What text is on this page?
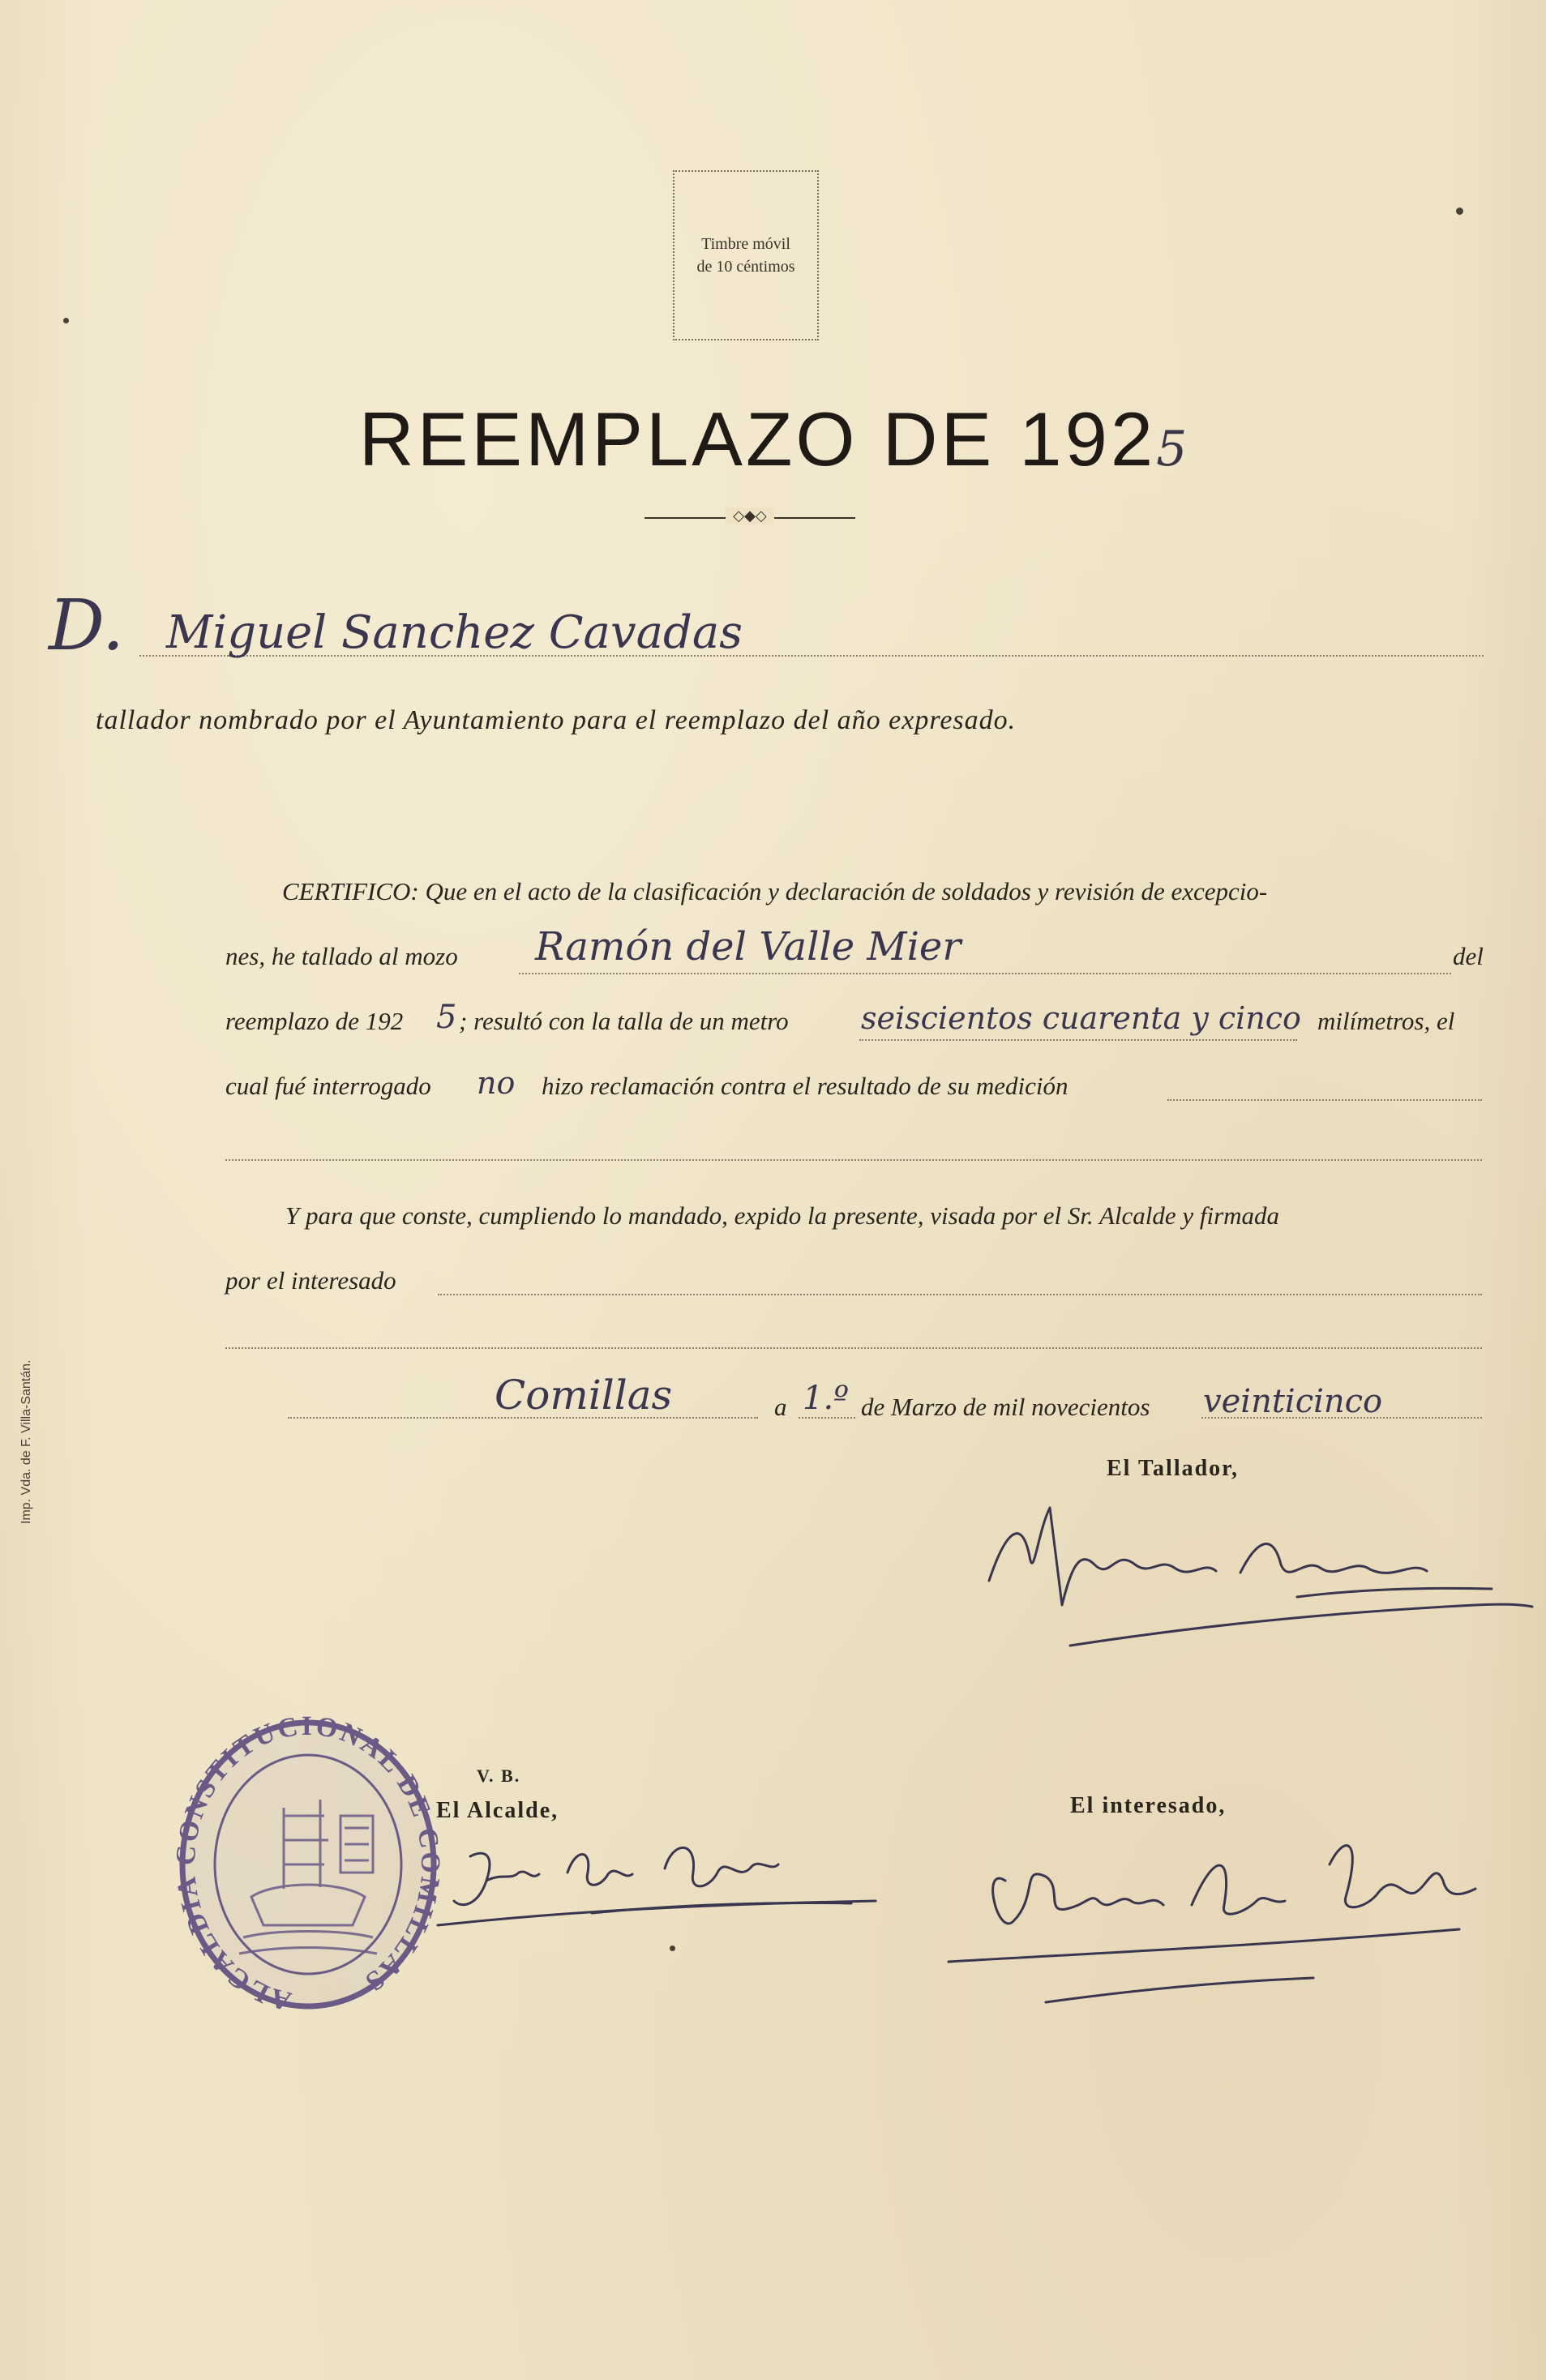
Timbre móvil
de 10 céntimos
REEMPLAZO DE 1925
◇◆◇
D. Miguel Sanchez Cavadas
tallador nombrado por el Ayuntamiento para el reemplazo del año expresado.
CERTIFICO: Que en el acto de la clasificación y declaración de soldados y revisión de excepcio-
nes, he tallado al mozo Ramón del Valle Mier	del
reemplazo de 192 5 ; resultó con la talla de un metro seiscientos cuarenta y cinco milímetros, el
cual fué interrogado no hizo reclamación contra el resultado de su medición
Y para que conste, cumpliendo lo mandado, expido la presente, visada por el Sr. Alcalde y firmada
por el interesado
Comillas	a 1.º de Marzo de mil novecientos veinticinco
El Tallador,
Miguel Sanchez
ALCALDIA CONSTITUCIONAL DE COMILLAS
V. B.
El Alcalde,
José de Cobián
El interesado,
Ramón del Valle
Imp. Vda. de F. Villa-Santán.
